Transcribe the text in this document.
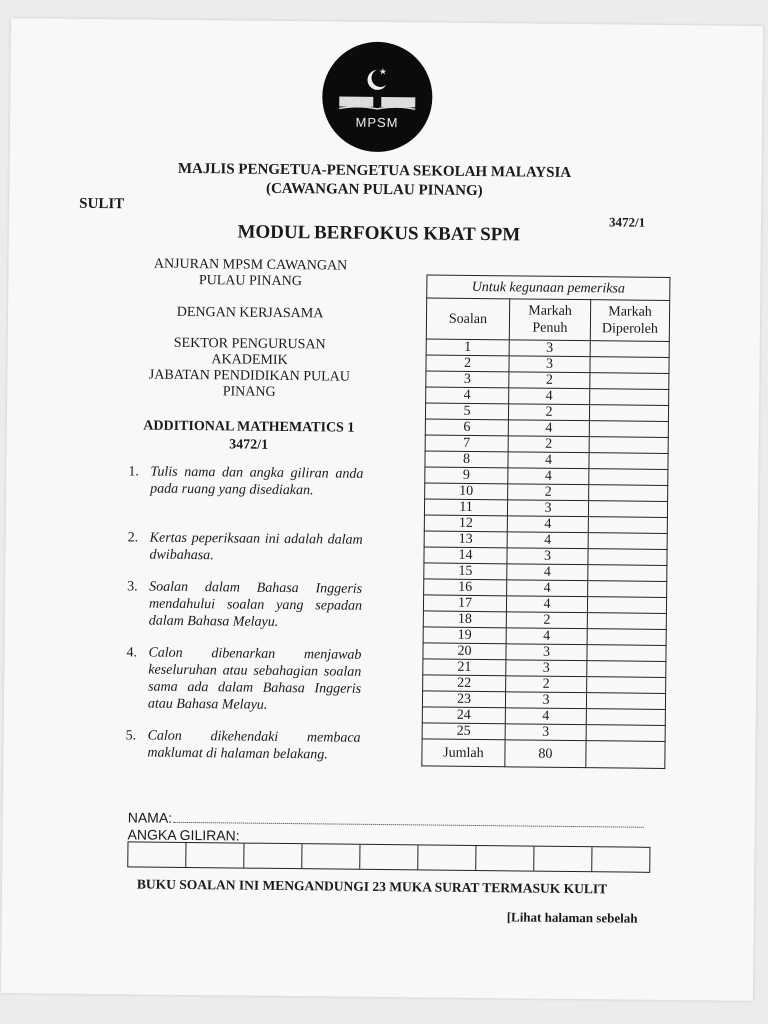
MPSM
MAJLIS PENGETUA-PENGETUA SEKOLAH MALAYSIA
(CAWANGAN PULAU PINANG)
SULIT
3472/1
MODUL BERFOKUS KBAT SPM
ANJURAN MPSM CAWANGAN
PULAU PINANG
DENGAN KERJASAMA
SEKTOR PENGURUSAN AKADEMIK
JABATAN PENDIDIKAN PULAU
PINANG
ADDITIONAL MATHEMATICS 1
3472/1
1. Tulis nama dan angka giliran anda pada ruang yang disediakan.
2. Kertas peperiksaan ini adalah dalam dwibahasa.
3. Soalan dalam Bahasa Inggeris mendahului soalan yang sepadan dalam Bahasa Melayu.
4. Calon dibenarkan menjawab keseluruhan atau sebahagian soalan sama ada dalam Bahasa Inggeris atau Bahasa Melayu.
5. Calon dikehendaki membaca maklumat di halaman belakang.
Untuk kegunaan pemeriksa		
Soalan	Markah Penuh	Markah Diperoleh
1	3	
2	3	
3	2	
4	4	
5	2	
6	4	
7	2	
8	4	
9	4	
10	2	
11	3	
12	4	
13	4	
14	3	
15	4	
16	4	
17	4	
18	2	
19	4	
20	3	
21	3	
22	2	
23	3	
24	4	
25	3	
Jumlah	80	
NAMA:
ANGKA GILIRAN:
BUKU SOALAN INI MENGANDUNGI 23 MUKA SURAT TERMASUK KULIT
[Lihat halaman sebelah
